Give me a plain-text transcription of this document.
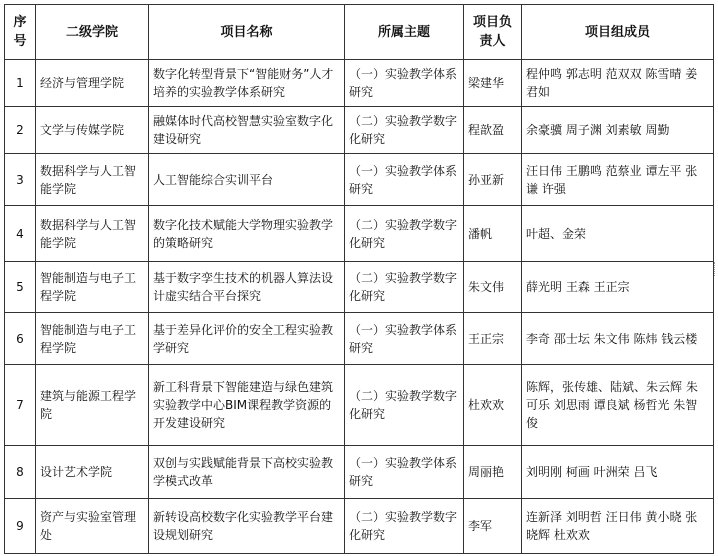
序号	二级学院	项目名称	所属主题	项目负责人	项目组成员
1	经济与管理学院	数字化转型背景下“智能财务”人才培养的实验教学体系研究	（一）实验教学体系研究	梁建华	程仲鸣 郭志明 范双双 陈雪晴 姜君如
2	文学与传媒学院	融媒体时代高校智慧实验室数字化建设研究	（二）实验教学数字化研究	程歆盈	余豪骥 周子渊 刘素敏 周勤
3	数据科学与人工智能学院	人工智能综合实训平台	（一）实验教学体系研究	孙亚新	汪日伟 王鹏鸣 范蔡业 谭左平 张谦 许强
4	数据科学与人工智能学院	数字化技术赋能大学物理实验教学的策略研究	（二）实验教学数字化研究	潘帆	叶超、金荣
5	智能制造与电子工程学院	基于数字孪生技术的机器人算法设计虚实结合平台探究	（二）实验教学数字化研究	朱文伟	薛光明 王森 王正宗
6	智能制造与电子工程学院	基于差异化评价的安全工程实验教学研究	（一）实验教学体系研究	王正宗	李奇 邵士坛 朱文伟 陈炜 钱云楼
7	建筑与能源工程学院	新工科背景下智能建造与绿色建筑实验教学中心BIM课程教学资源的开发建设研究	（二）实验教学数字化研究	杜欢欢	陈辉，张传雄、陆斌、朱云辉 朱可乐 刘思雨 谭良斌 杨哲光 朱智俊
8	设计艺术学院	双创与实践赋能背景下高校实验教学模式改革	（一）实验教学体系研究	周丽艳	刘明刚 柯画 叶洲荣 吕飞
9	资产与实验室管理处	新转设高校数字化实验教学平台建设规划研究	（二）实验教学数字化研究	李军	连新泽 刘明哲 汪日伟 黄小晓 张晓辉 杜欢欢
